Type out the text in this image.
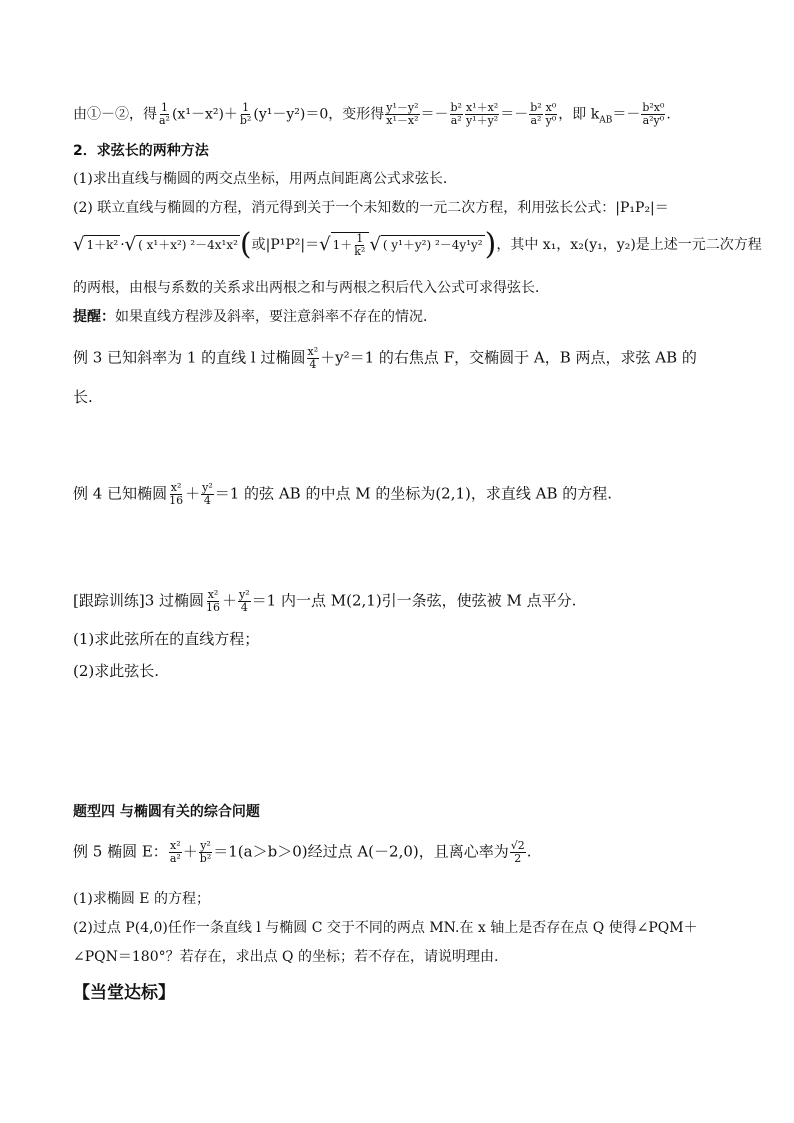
由①－②，得 $\frac{1}{\text{a²}} (x^1-x^2)+ \frac{1}{\text{b²}} (y^1-y^2)=0$，变形得 $\frac{\text{y¹－y²}}{\text{x¹－x²}} =- \frac{\text{b²}}{\text{a²}} \frac{\text{x¹＋x²}}{\text{y¹＋y²}} =- \frac{\text{b²}}{\text{a²}} \frac{\text{x⁰}}{\text{y⁰}}$ ，即 $k_{AB}=- \frac{\text{b²x⁰}}{\text{a²y⁰}}$ .
2．求弦长的两种方法
(1)求出直线与椭圆的两交点坐标，用两点间距离公式求弦长．
(2) 联立直线与椭圆的方程，消元得到关于一个未知数的一元二次方程，利用弦长公式：|P₁P₂|＝
√ 1＋k² ·√ ( x¹＋x²) ²－4x¹x²(或|P¹P²|＝√ $1+ \frac{1}{\text{k²}}$ √ ( y¹＋y²) ²－4y¹y²)，其中 x₁，x₂(y₁，y₂)是上述一元二次方程
的两根，由根与系数的关系求出两根之和与两根之积后代入公式可求得弦长．
提醒：如果直线方程涉及斜率，要注意斜率不存在的情况．
例 3 已知斜率为 1 的直线 l 过椭圆 $\frac{\text{x²}}{4} +y^2=1$ 的右焦点 F，交椭圆于 A，B 两点，求弦 AB 的
长.
例 4 已知椭圆 $\frac{\text{x²}}{16} + \frac{\text{y²}}{4} =1$ 的弦 AB 的中点 M 的坐标为(2,1)，求直线 AB 的方程.
[跟踪训练]3 过椭圆 $\frac{\text{x²}}{16} + \frac{\text{y²}}{4} =1$ 内一点 M(2,1)引一条弦，使弦被 M 点平分.
(1)求此弦所在的直线方程；
(2)求此弦长.
题型四 与椭圆有关的综合问题
例 5 椭圆 E： $\frac{\text{x²}}{\text{a²}} + \frac{\text{y²}}{\text{b²}} =1(a>b>0)$经过点 A(－2,0)，且离心率为 $\frac{√2}{2}$ .
(1)求椭圆 E 的方程；
(2)过点 P(4,0)任作一条直线 l 与椭圆 C 交于不同的两点 MN.在 x 轴上是否存在点 Q 使得∠PQM＋
∠PQN＝180°？若存在，求出点 Q 的坐标；若不存在，请说明理由.
【当堂达标】
